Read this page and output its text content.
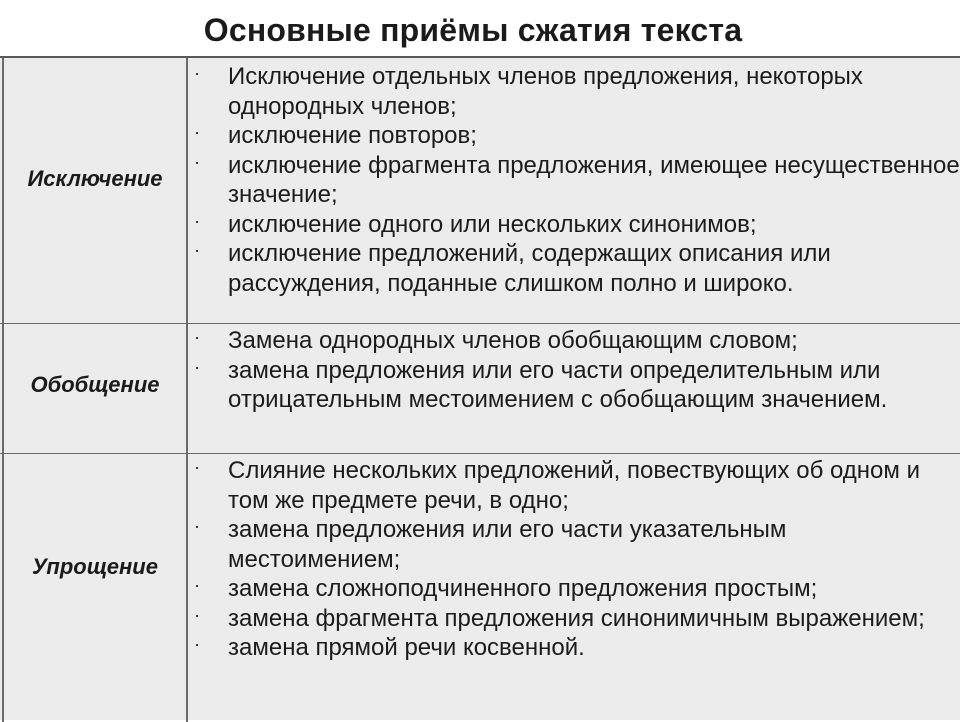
Основные приёмы сжатия текста
Исключение
· Исключение отдельных членов предложения, некоторых однородных членов;
· исключение повторов;
· исключение фрагмента предложения, имеющее несущественное значение;
· исключение одного или нескольких синонимов;
· исключение предложений, содержащих описания или рассуждения, поданные слишком полно и широко.
Обобщение
· Замена однородных членов обобщающим словом;
· замена предложения или его части определительным или отрицательным местоимением с обобщающим значением.
Упрощение
· Слияние нескольких предложений, повествующих об одном и том же предмете речи, в одно;
· замена предложения или его части указательным местоимением;
· замена сложноподчиненного предложения простым;
· замена фрагмента предложения синонимичным выражением;
· замена прямой речи косвенной.
